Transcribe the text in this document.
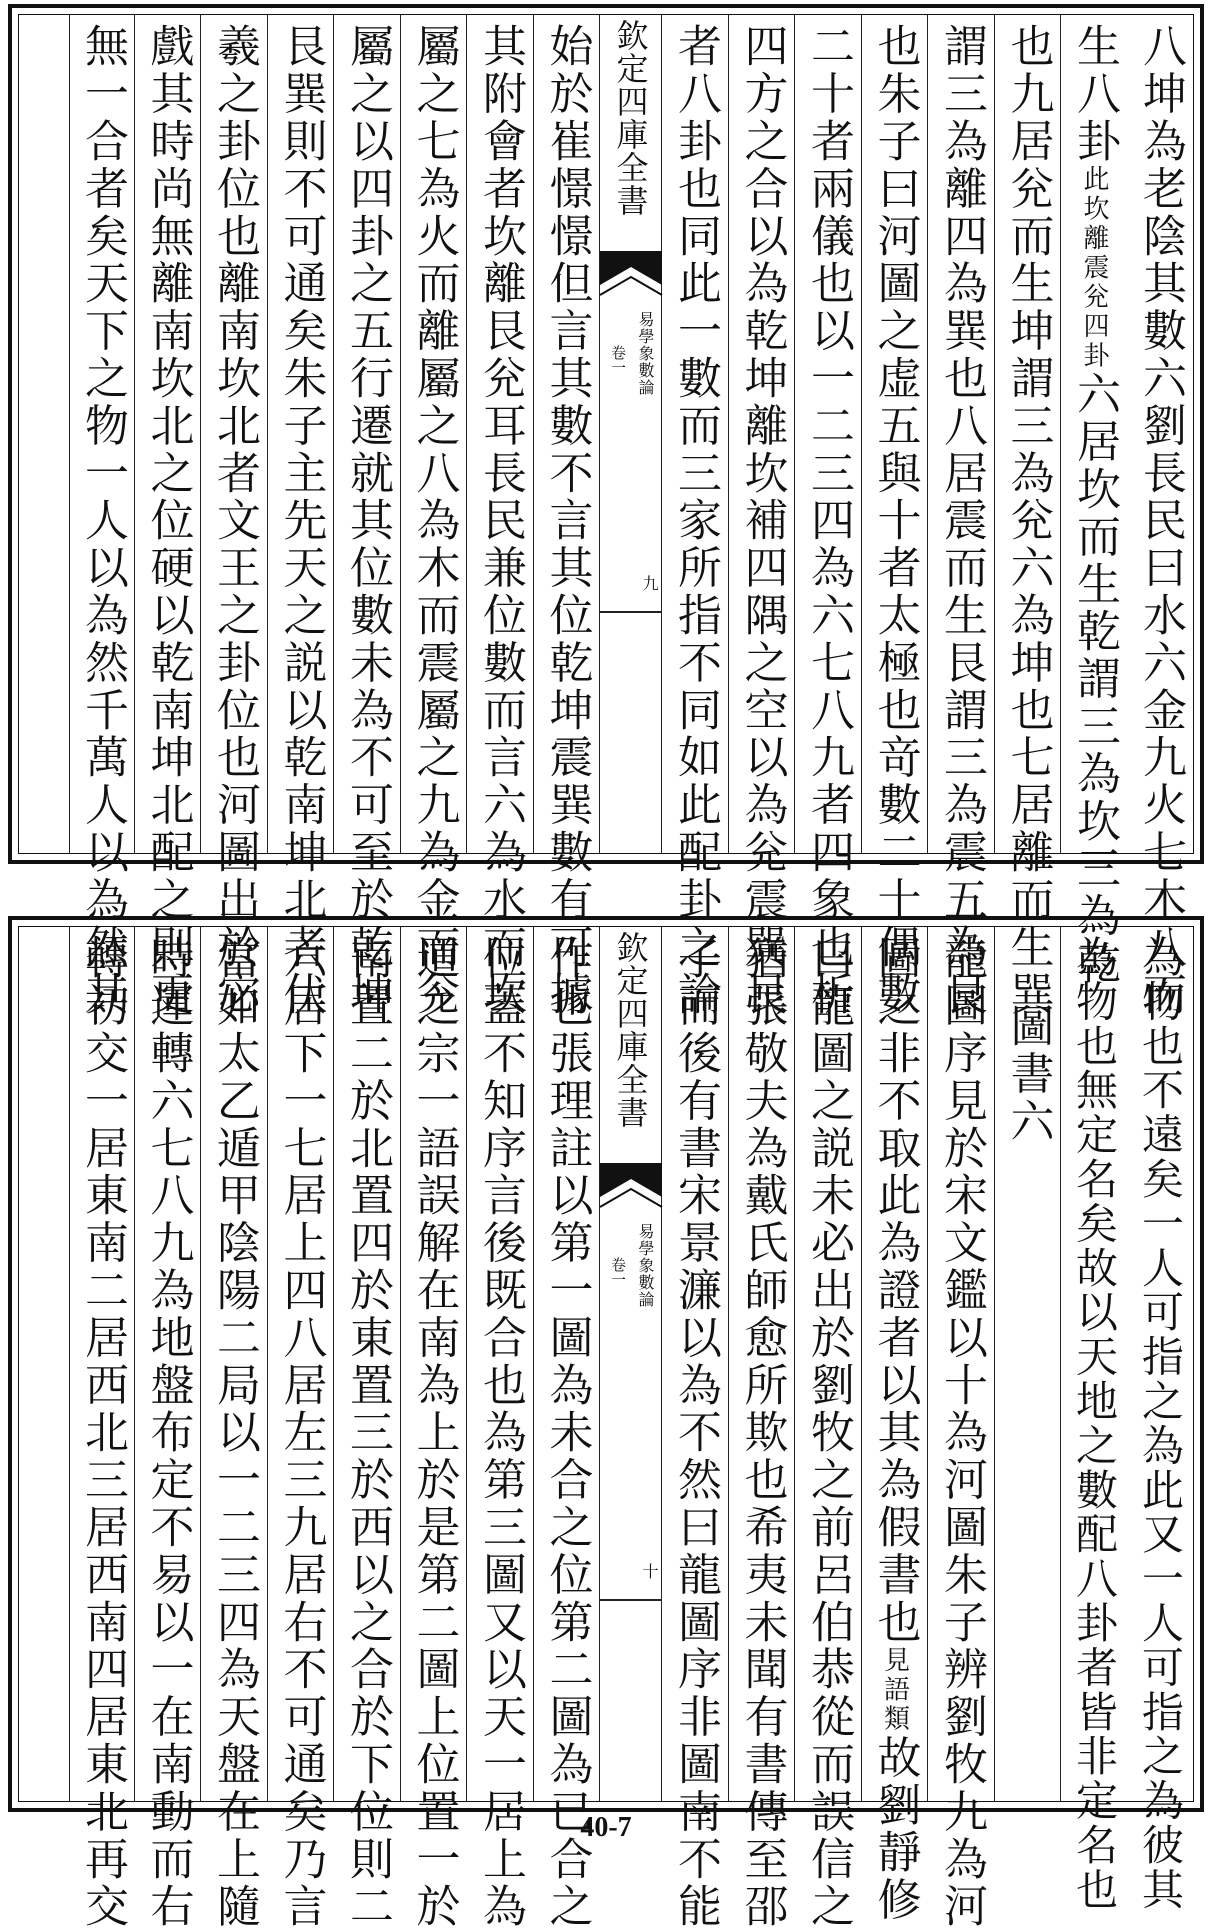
八坤為老陰其數六劉長民曰水六金九火七木八而
生八卦此坎離震兊四卦六居坎而生乾謂三為坎三為乾
也九居兊而生坤謂三為兊六為坤也七居離而生巽
謂三為離四為巽也八居震而生艮謂三為震五為艮
也朱子曰河圖之虚五與十者太極也竒數二十偶數
二十者兩儀也以一二三四為六七八九者四象也析
四方之合以為乾坤離坎補四隅之空以為兊震巽艮
者八卦也同此一數而三家所指不同如此配卦之論
欽定四庫全書
易學象數論
卷一
九
始於崔憬憬但言其數不言其位乾坤震巽數有可據
其附會者坎離艮兊耳長民兼位數而言六為水而坎
屬之七為火而離屬之八為木而震屬之九為金而兊
屬之以四卦之五行遷就其位數未為不可至於乾坤
艮巽則不可通矣朱子主先天之説以乾南坤北者伏
羲之卦位也離南坎北者文王之卦位也河圖出於宓
戲其時尚無離南坎北之位硬以乾南坤北配之則更
無一合者矣天下之物一人以為然千萬人以為然其
為物也不遠矣一人可指之為此又一人可指之為彼其
為物也無定名矣故以天地之數配八卦者皆非定名也
圖書六
龍圖序見於宋文鑑以十為河圖朱子辨劉牧九為河
圖之非不取此為證者以其為假書也見語類故劉靜修
曰龍圖之説未必出於劉牧之前呂伯恭從而誤信之
猶張敬夫為戴氏師愈所欺也希夷未聞有書傳至邵
子而後有書宋景濂以為不然曰龍圖序非圖南不能
欽定四庫全書
易學象數論
卷一
十
作也張理註以第一圖為未合之位第二圖為已合之
位蓋不知序言後既合也為第三圖又以天一居上為
道之宗一語誤解在南為上於是第二圖上位置一於
南置二於北置四於東置三於西以之合於下位則二
六居下一七居上四八居左三九居右不可通矣乃言
當如太乙遁甲陰陽二局以一二三四為天盤在上隨
時運轉六七八九為地盤布定不易以一在南動而右
轉初交一居東南二居西北三居西南四居東北再交	40-7
